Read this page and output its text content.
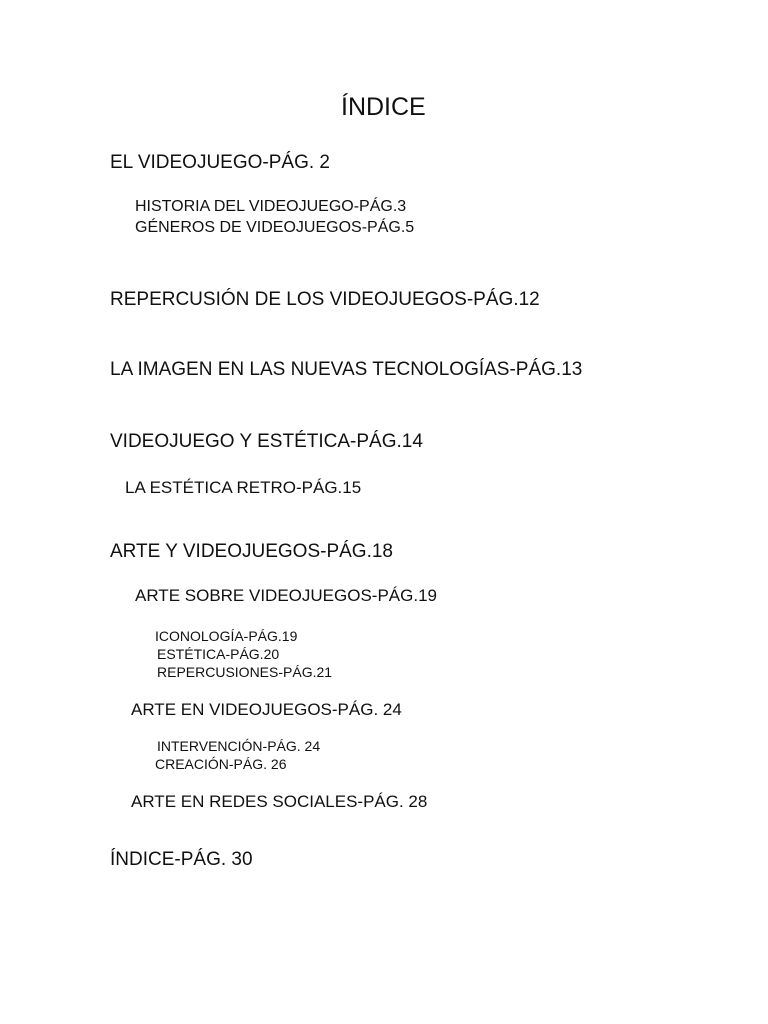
ÍNDICE
EL VIDEOJUEGO-PÁG. 2
HISTORIA DEL VIDEOJUEGO-PÁG.3
GÉNEROS DE VIDEOJUEGOS-PÁG.5
REPERCUSIÓN DE LOS VIDEOJUEGOS-PÁG.12
LA IMAGEN EN LAS NUEVAS TECNOLOGÍAS-PÁG.13
VIDEOJUEGO Y ESTÉTICA-PÁG.14
LA ESTÉTICA RETRO-PÁG.15
ARTE Y VIDEOJUEGOS-PÁG.18
ARTE SOBRE VIDEOJUEGOS-PÁG.19
ICONOLOGÍA-PÁG.19
ESTÉTICA-PÁG.20
REPERCUSIONES-PÁG.21
ARTE EN VIDEOJUEGOS-PÁG. 24
INTERVENCIÓN-PÁG. 24
CREACIÓN-PÁG. 26
ARTE EN REDES SOCIALES-PÁG. 28
ÍNDICE-PÁG. 30
